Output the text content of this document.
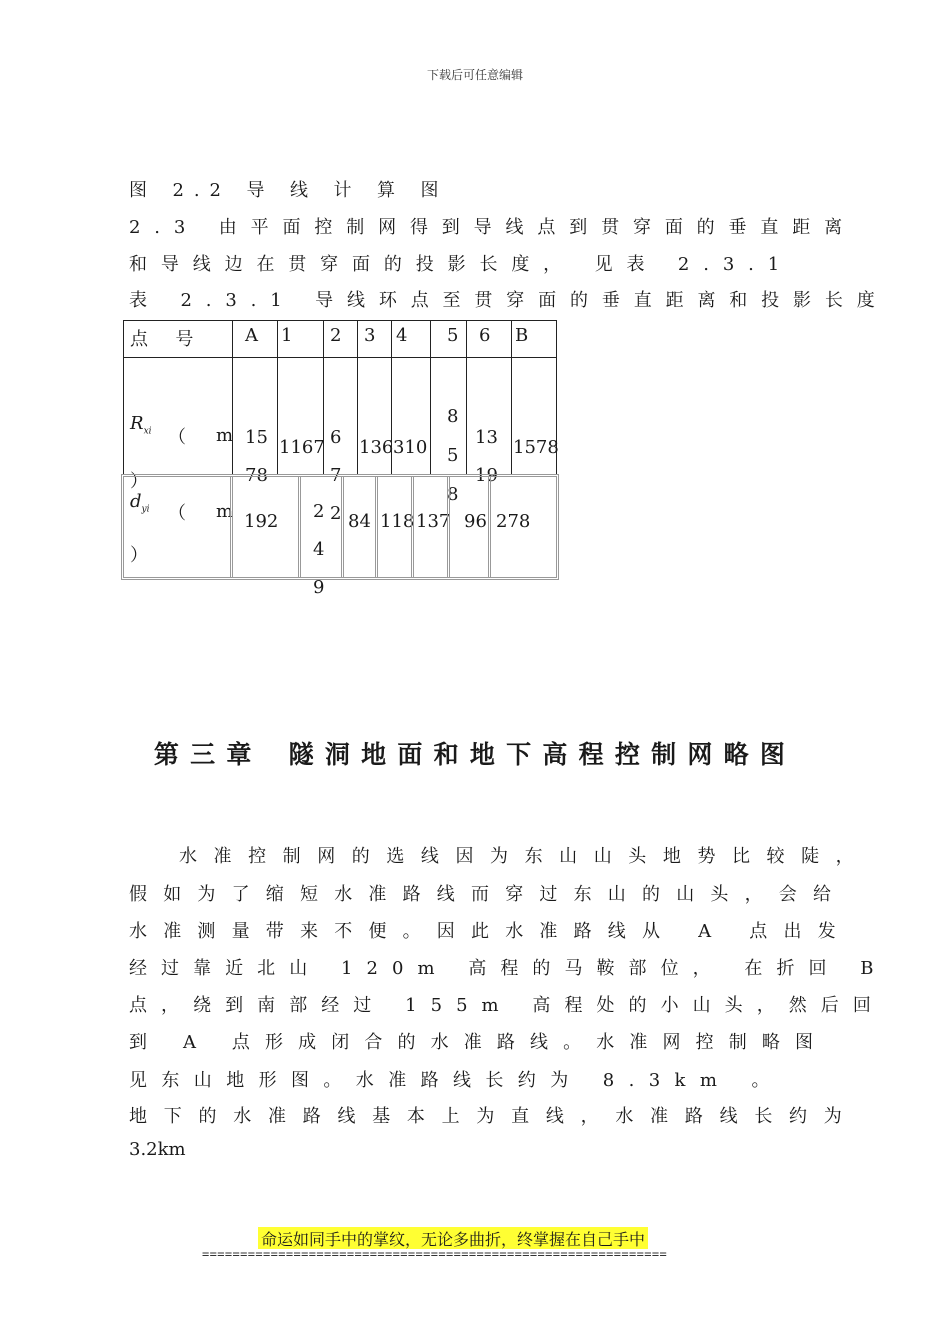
下载后可任意编辑
图 2.2 导 线 计 算 图
2.3 由平面控制网得到导线点到贯穿面的垂直距离
和导线边在贯穿面的投影长度， 见表 2.3.1
表 2.3.1 导线环点至贯穿面的垂直距离和投影长度
点 号 A 1 2 3 4 5 6 B
$R_{xi}$ （ m
）
1578
1167 672
136 310
858
1319
1578
$d_{yi}$ （ m
）
192 249
84 118 137 96 278
第三章 隧洞地面和地下高程控制网略图
水准控制网的选线因为东山山头地势比较陡，
假如为了缩短水准路线而穿过东山的山头，会给
水准测量带来不便。因此水准路线从 A 点出发
经过靠近北山 120m 高程的马鞍部位， 在折回 B
点，绕到南部经过 155m 高程处的小山头，然后回
到 A 点形成闭合的水准路线。水准网控制略图
见东山地形图。水准路线长约为 8.3km 。
地下的水准路线基本上为直线，水准路线长约为
3.2km
命运如同手中的掌纹，无论多曲折，终掌握在自己手中
=============================================================
